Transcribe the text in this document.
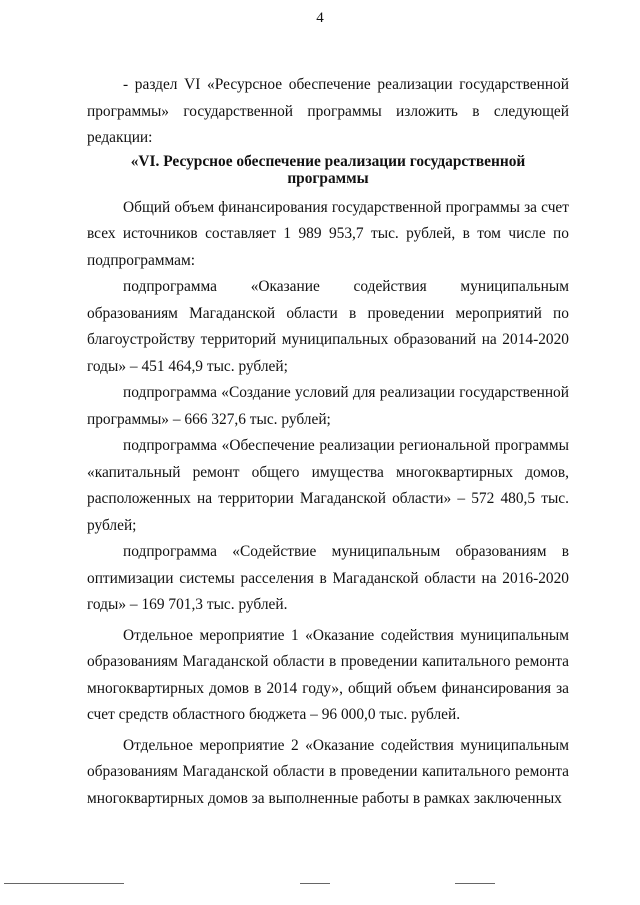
4

- раздел VI «Ресурсное обеспечение реализации государственной программы» государственной программы изложить в следующей редакции:

«VI. Ресурсное обеспечение реализации государственной программы

Общий объем финансирования государственной программы за счет всех источников составляет 1 989 953,7 тыс. рублей, в том числе по подпрограммам:

подпрограмма «Оказание содействия муниципальным образованиям Магаданской области в проведении мероприятий по благоустройству территорий муниципальных образований на 2014-2020 годы» – 451 464,9 тыс. рублей;

подпрограмма «Создание условий для реализации государственной программы» – 666 327,6 тыс. рублей;

подпрограмма «Обеспечение реализации региональной программы «капитальный ремонт общего имущества многоквартирных домов, расположенных на территории Магаданской области» – 572 480,5 тыс. рублей;

подпрограмма «Содействие муниципальным образованиям в оптимизации системы расселения в Магаданской области на 2016-2020 годы» – 169 701,3 тыс. рублей.

Отдельное мероприятие 1 «Оказание содействия муниципальным образованиям Магаданской области в проведении капитального ремонта многоквартирных домов в 2014 году», общий объем финансирования за счет средств областного бюджета – 96 000,0 тыс. рублей.

Отдельное мероприятие 2 «Оказание содействия муниципальным образованиям Магаданской области в проведении капитального ремонта многоквартирных домов за выполненные работы в рамках заключенных
